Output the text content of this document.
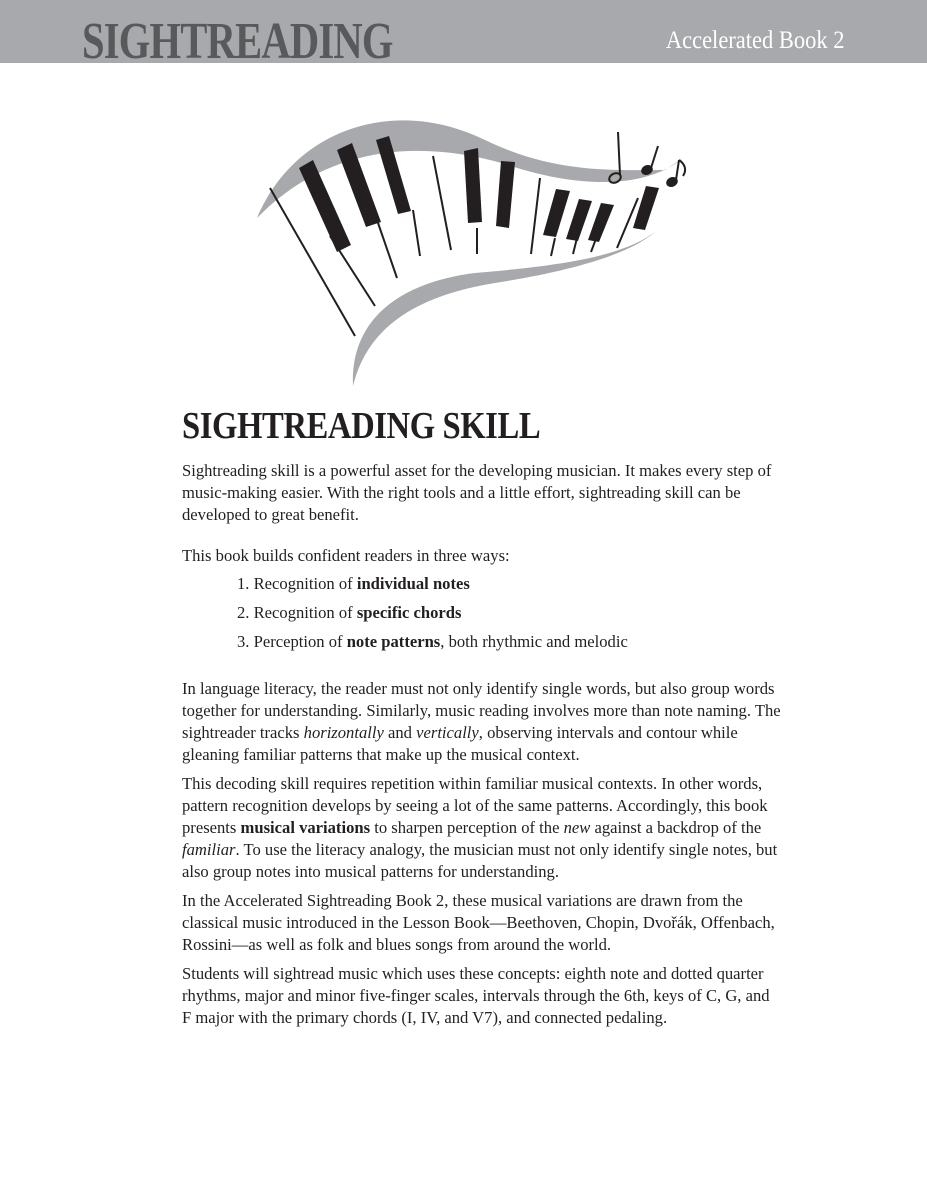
SIGHTREADING	Accelerated Book 2
SIGHTREADING SKILL

Sightreading skill is a powerful asset for the developing musician. It makes every step of music-making easier. With the right tools and a little effort, sightreading skill can be developed to great benefit.

This book builds confident readers in three ways:

1. Recognition of individual notes
2. Recognition of specific chords
3. Perception of note patterns, both rhythmic and melodic

In language literacy, the reader must not only identify single words, but also group words together for understanding. Similarly, music reading involves more than note naming. The sightreader tracks horizontally and vertically, observing intervals and contour while gleaning familiar patterns that make up the musical context.

This decoding skill requires repetition within familiar musical contexts. In other words, pattern recognition develops by seeing a lot of the same patterns. Accordingly, this book presents musical variations to sharpen perception of the new against a backdrop of the familiar. To use the literacy analogy, the musician must not only identify single notes, but also group notes into musical patterns for understanding.

In the Accelerated Sightreading Book 2, these musical variations are drawn from the classical music introduced in the Lesson Book—Beethoven, Chopin, Dvořák, Offenbach, Rossini—as well as folk and blues songs from around the world.

Students will sightread music which uses these concepts: eighth note and dotted quarter rhythms, major and minor five-finger scales, intervals through the 6th, keys of C, G, and F major with the primary chords (I, IV, and V7), and connected pedaling.
